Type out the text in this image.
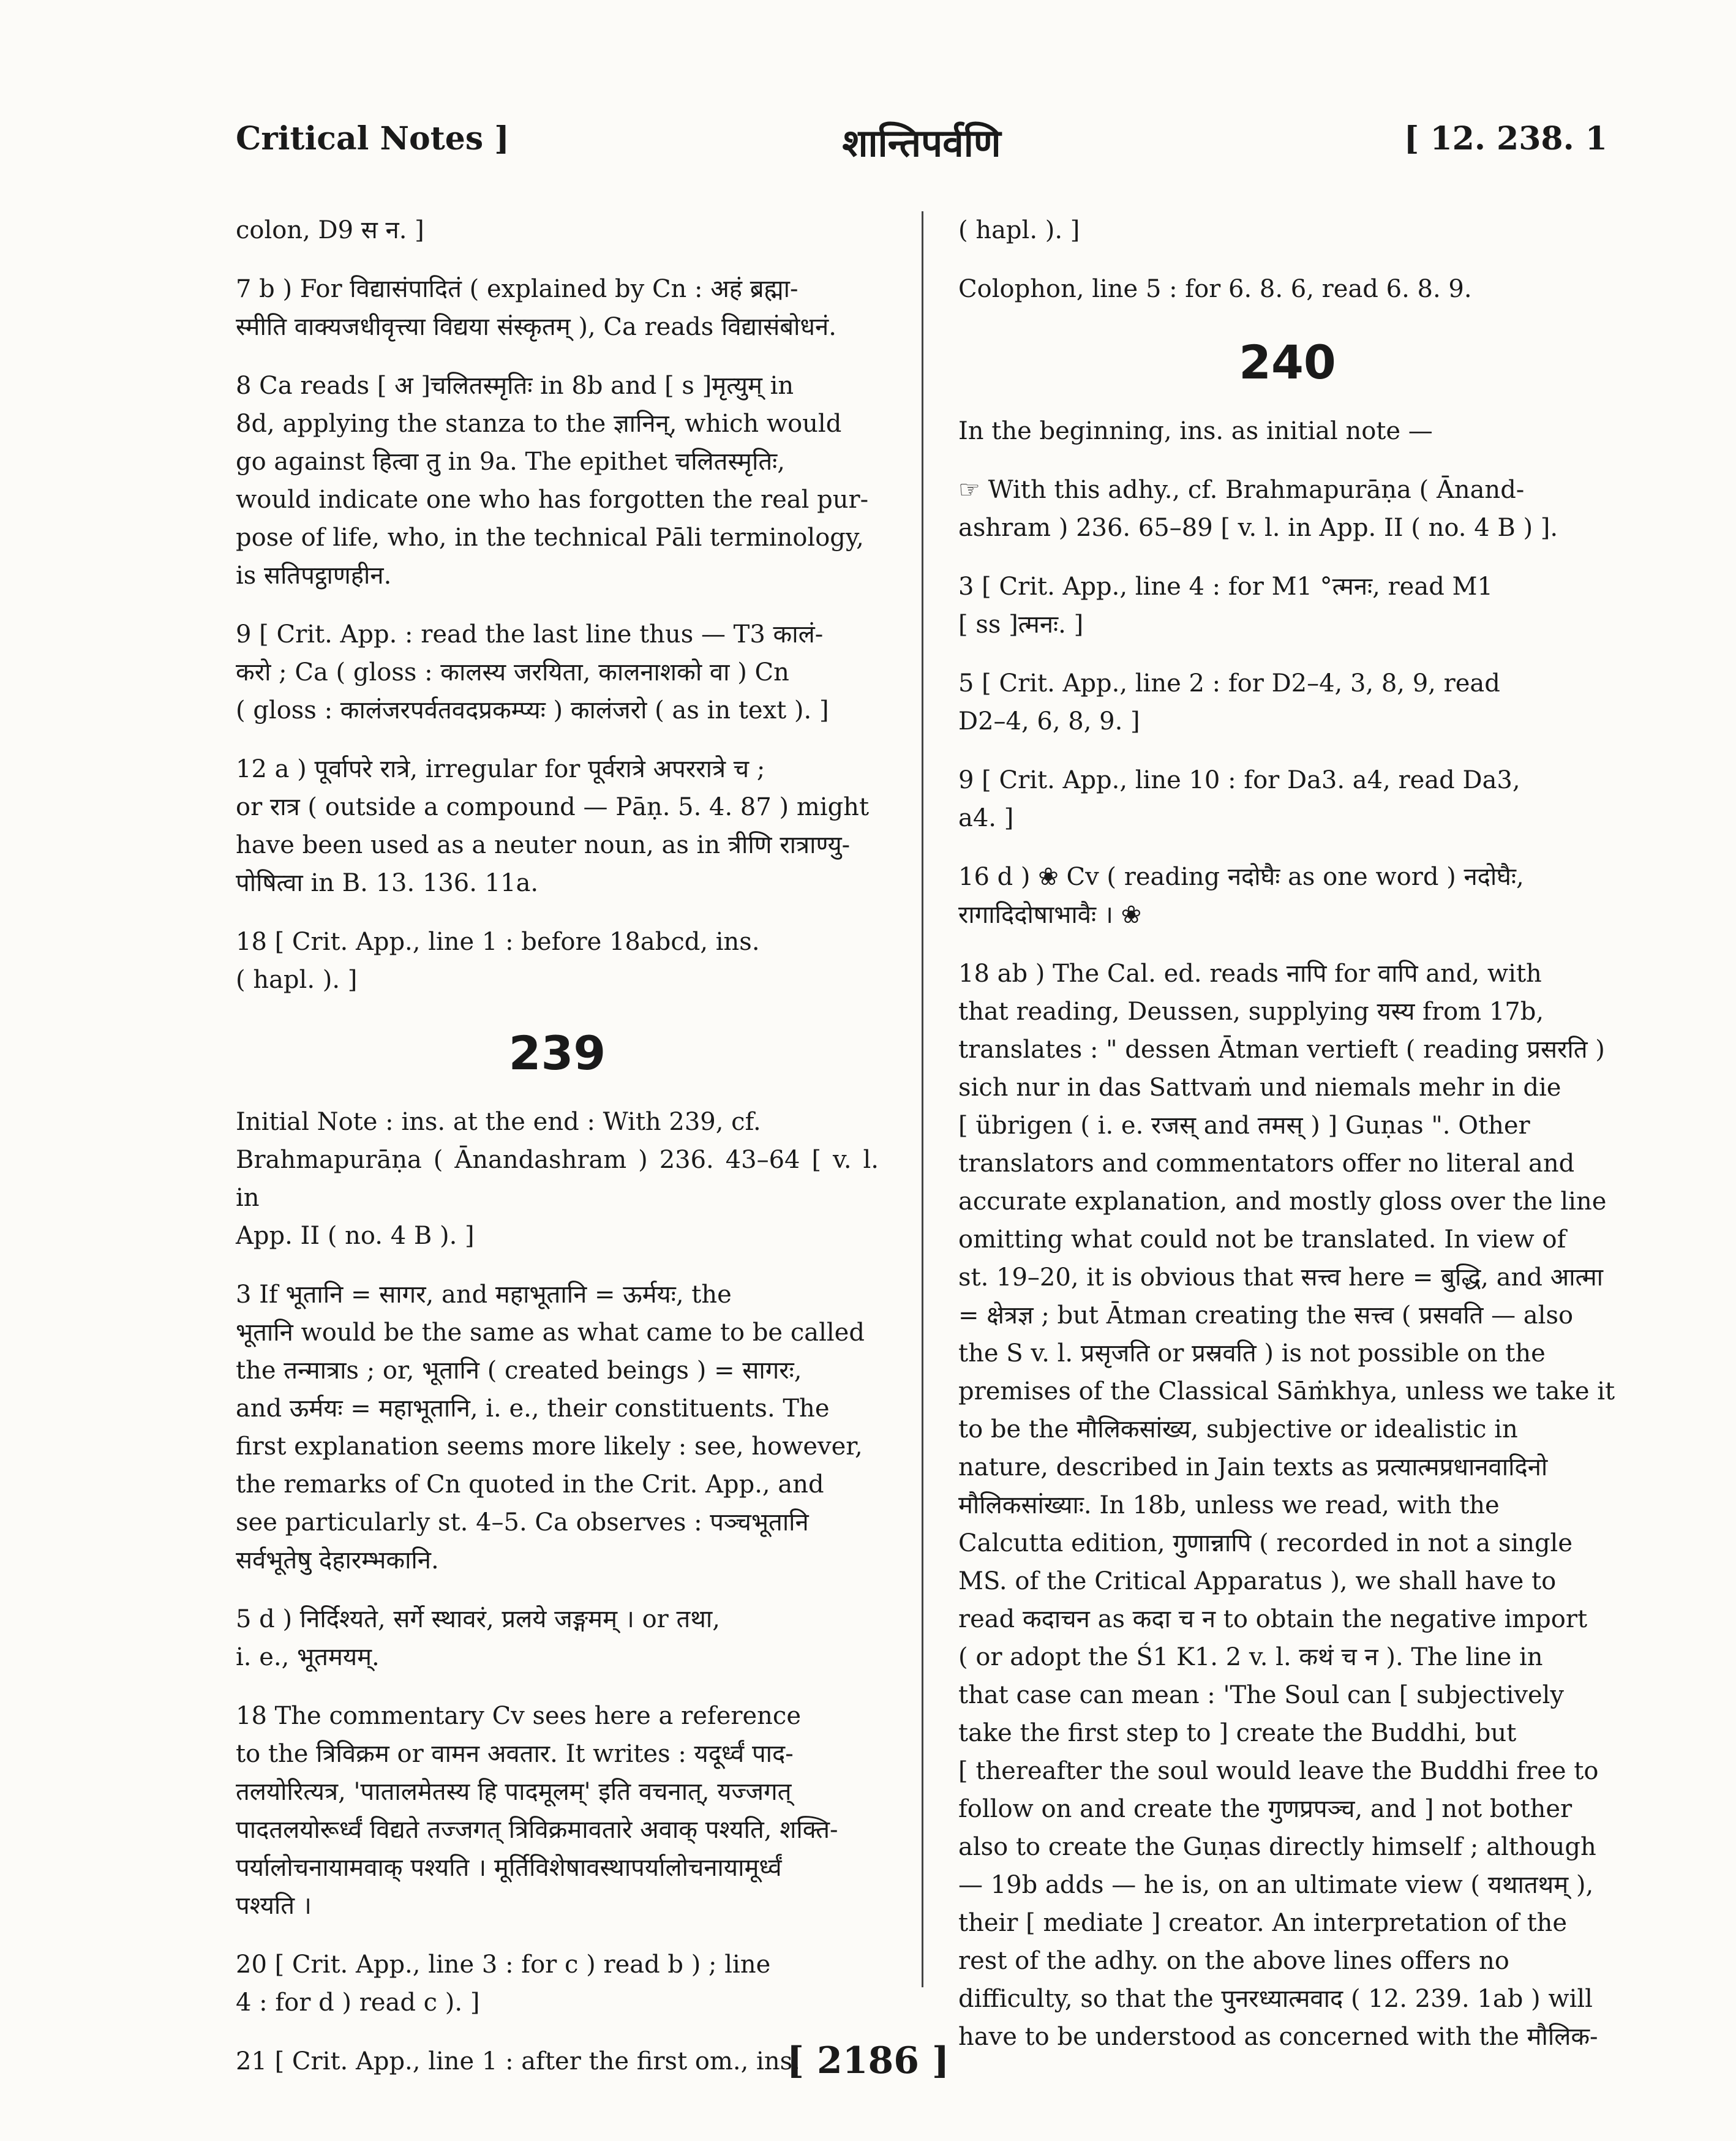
Critical Notes ]	शान्तिपर्वणि	[ 12. 238. 1
colon, D9 स न. ]
7 b ) For विद्यासंपादितं ( explained by Cn : अहं ब्रह्मा-
स्मीति वाक्यजधीवृत्त्या विद्यया संस्कृतम् ), Ca reads विद्यासंबोधनं.
8 Ca reads [ अ ]चलितस्मृतिः in 8b and [ s ]मृत्युम् in
8d, applying the stanza to the ज्ञानिन्, which would
go against हित्वा तु in 9a. The epithet चलितस्मृतिः,
would indicate one who has forgotten the real pur-
pose of life, who, in the technical Pāli terminology,
is सतिपट्ठाणहीन.
9 [ Crit. App. : read the last line thus — T3 कालं-
करो ; Ca ( gloss : कालस्य जरयिता, कालनाशको वा ) Cn
( gloss : कालंजरपर्वतवदप्रकम्प्यः ) कालंजरो ( as in text ). ]
12 a ) पूर्वापरे रात्रे, irregular for पूर्वरात्रे अपररात्रे च ;
or रात्र ( outside a compound — Pāṇ. 5. 4. 87 ) might
have been used as a neuter noun, as in त्रीणि रात्राण्यु-
पोषित्वा in B. 13. 136. 11a.
18 [ Crit. App., line 1 : before 18abcd, ins.
( hapl. ). ]
239
Initial Note : ins. at the end : With 239, cf.
Brahmapurāṇa ( Ānandashram ) 236. 43–64 [ v. l. in
App. II ( no. 4 B ). ]
3 If भूतानि = सागर, and महाभूतानि = ऊर्मयः, the
भूतानि would be the same as what came to be called
the तन्मात्राs ; or, भूतानि ( created beings ) = सागरः,
and ऊर्मयः = महाभूतानि, i. e., their constituents. The
first explanation seems more likely : see, however,
the remarks of Cn quoted in the Crit. App., and
see particularly st. 4–5. Ca observes : पञ्चभूतानि
सर्वभूतेषु देहारम्भकानि.
5 d ) निर्दिश्यते, सर्गे स्थावरं, प्रलये जङ्गमम् । or तथा,
i. e., भूतमयम्.
18 The commentary Cv sees here a reference
to the त्रिविक्रम or वामन अवतार. It writes : यदूर्ध्वं पाद-
तलयोरित्यत्र, 'पातालमेतस्य हि पादमूलम्' इति वचनात्, यज्जगत्
पादतलयोरूर्ध्वं विद्यते तज्जगत् त्रिविक्रमावतारे अवाक् पश्यति, शक्ति-
पर्यालोचनायामवाक् पश्यति । मूर्तिविशेषावस्थापर्यालोचनायामूर्ध्वं
पश्यति ।
20 [ Crit. App., line 3 : for c ) read b ) ; line
4 : for d ) read c ). ]
21 [ Crit. App., line 1 : after the first om., ins.
( hapl. ). ]
Colophon, line 5 : for 6. 8. 6, read 6. 8. 9.
240
In the beginning, ins. as initial note —
☞ With this adhy., cf. Brahmapurāṇa ( Ānand-
ashram ) 236. 65–89 [ v. l. in App. II ( no. 4 B ) ].
3 [ Crit. App., line 4 : for M1 °त्मनः, read M1
[ ss ]त्मनः. ]
5 [ Crit. App., line 2 : for D2–4, 3, 8, 9, read
D2–4, 6, 8, 9. ]
9 [ Crit. App., line 10 : for Da3. a4, read Da3,
a4. ]
16 d ) ❀ Cv ( reading नदोघैः as one word ) नदोघैः,
रागादिदोषाभावैः । ❀
18 ab ) The Cal. ed. reads नापि for वापि and, with
that reading, Deussen, supplying यस्य from 17b,
translates : " dessen Ātman vertieft ( reading प्रसरति )
sich nur in das Sattvaṁ und niemals mehr in die
[ übrigen ( i. e. रजस् and तमस् ) ] Guṇas ". Other
translators and commentators offer no literal and
accurate explanation, and mostly gloss over the line
omitting what could not be translated. In view of
st. 19–20, it is obvious that सत्त्व here = बुद्धि, and आत्मा
= क्षेत्रज्ञ ; but Ātman creating the सत्त्व ( प्रसवति — also
the S v. l. प्रसृजति or प्रस्रवति ) is not possible on the
premises of the Classical Sāṁkhya, unless we take it
to be the मौलिकसांख्य, subjective or idealistic in
nature, described in Jain texts as प्रत्यात्मप्रधानवादिनो
मौलिकसांख्याः. In 18b, unless we read, with the
Calcutta edition, गुणान्नापि ( recorded in not a single
MS. of the Critical Apparatus ), we shall have to
read कदाचन as कदा च न to obtain the negative import
( or adopt the Ś1 K1. 2 v. l. कथं च न ). The line in
that case can mean : 'The Soul can [ subjectively
take the first step to ] create the Buddhi, but
[ thereafter the soul would leave the Buddhi free to
follow on and create the गुणप्रपञ्च, and ] not bother
also to create the Guṇas directly himself ; although
— 19b adds — he is, on an ultimate view ( यथातथम् ),
their [ mediate ] creator. An interpretation of the
rest of the adhy. on the above lines offers no
difficulty, so that the पुनरध्यात्मवाद ( 12. 239. 1ab ) will
have to be understood as concerned with the मौलिक-
[ 2186 ]
